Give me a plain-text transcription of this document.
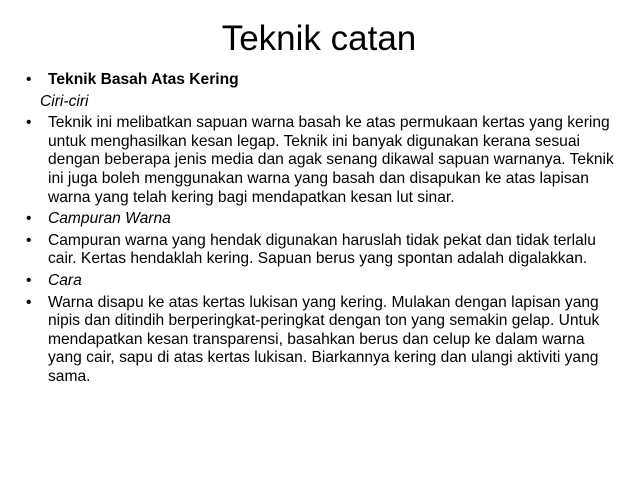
Teknik catan
•	Teknik Basah Atas Kering
Ciri-ciri
•	Teknik ini melibatkan sapuan warna basah ke atas permukaan kertas yang kering untuk menghasilkan kesan legap. Teknik ini banyak digunakan kerana sesuai dengan beberapa jenis media dan agak senang dikawal sapuan warnanya. Teknik ini juga boleh menggunakan warna yang basah dan disapukan ke atas lapisan warna yang telah kering bagi mendapatkan kesan lut sinar.
•	Campuran Warna
•	Campuran warna yang hendak digunakan haruslah tidak pekat dan tidak terlalu cair. Kertas hendaklah kering. Sapuan berus yang spontan adalah digalakkan.
•	Cara
•	Warna disapu ke atas kertas lukisan yang kering. Mulakan dengan lapisan yang nipis dan ditindih berperingkat-peringkat dengan ton yang semakin gelap. Untuk mendapatkan kesan transparensi, basahkan berus dan celup ke dalam warna yang cair, sapu di atas kertas lukisan. Biarkannya kering dan ulangi aktiviti yang sama.
